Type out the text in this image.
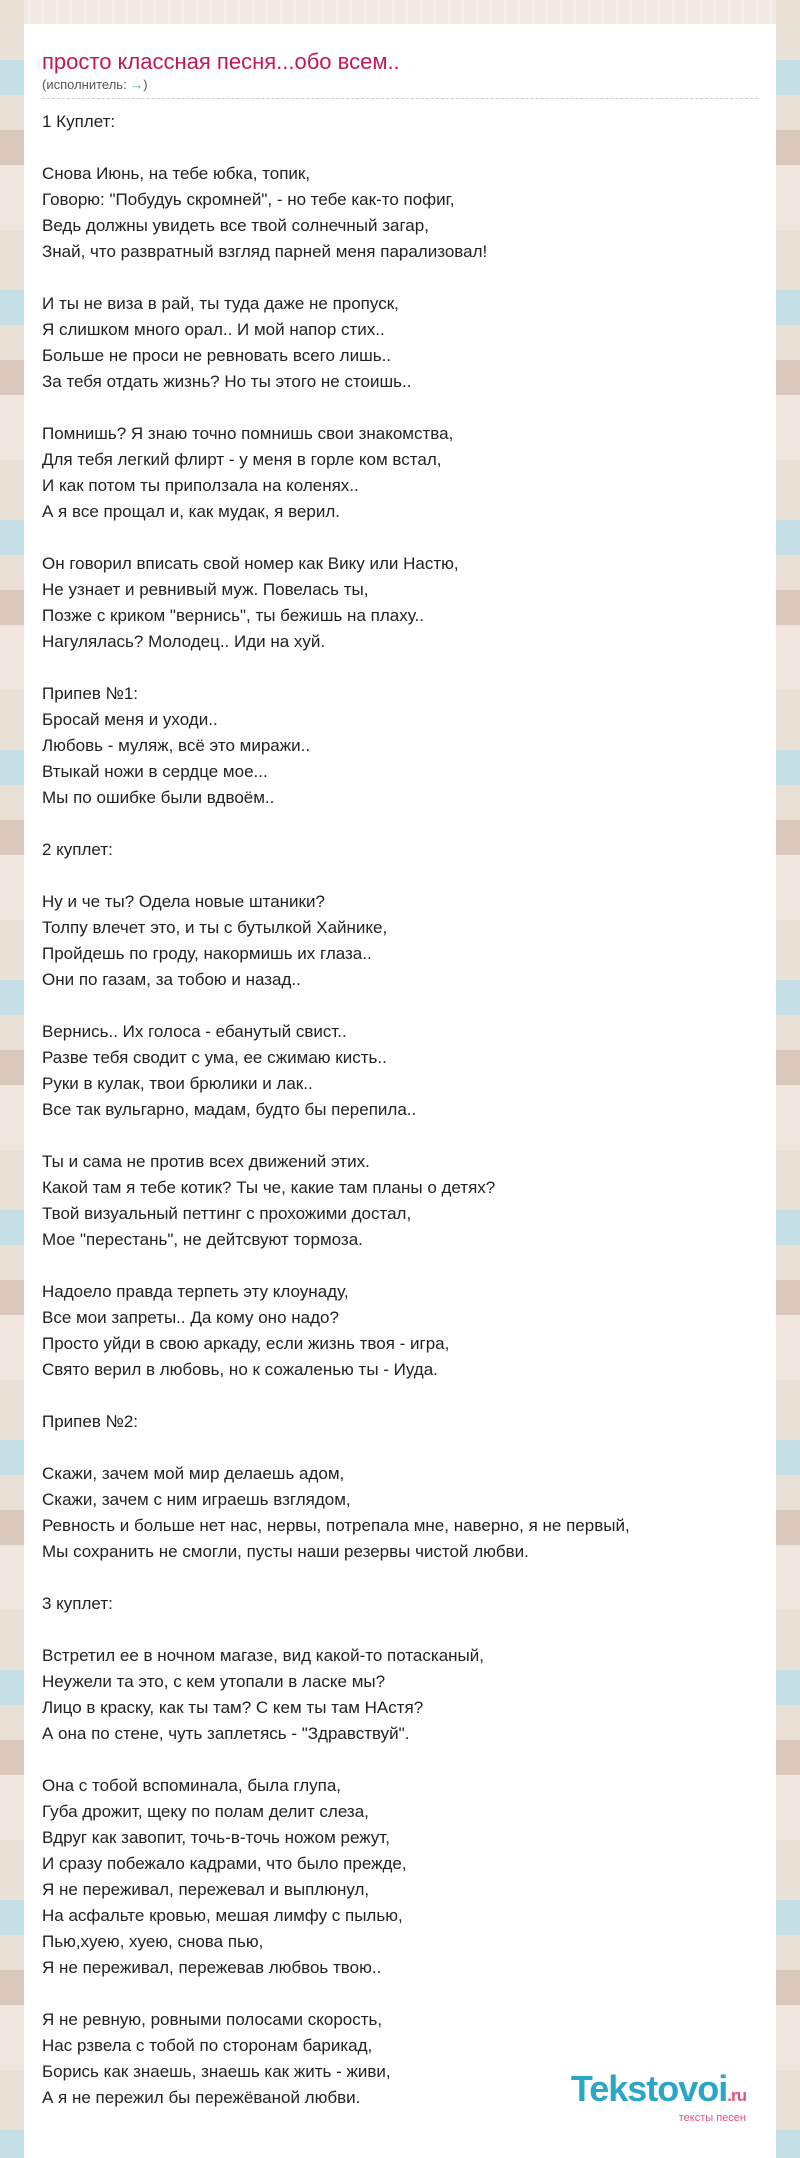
просто классная песня...обо всем..
(исполнитель: →)
1 Куплет:
Снова Июнь, на тебе юбка, топик,
Говорю: "Побудуь скромней", - но тебе как-то пофиг,
Ведь должны увидеть все твой солнечный загар,
Знай, что развратный взгляд парней меня парализовал!
И ты не виза в рай, ты туда даже не пропуск,
Я слишком много орал.. И мой напор стих..
Больше не проси не ревновать всего лишь..
За тебя отдать жизнь? Но ты этого не стоишь..
Помнишь? Я знаю точно помнишь свои знакомства,
Для тебя легкий флирт - у меня в горле ком встал,
И как потом ты приползала на коленях..
А я все прощал и, как мудак, я верил.
Он говорил вписать свой номер как Вику или Настю,
Не узнает и ревнивый муж. Повелась ты,
Позже с криком "вернись", ты бежишь на плаху..
Нагулялась? Молодец.. Иди на хуй.
Припев №1:
Бросай меня и уходи..
Любовь - муляж, всё это миражи..
Втыкай ножи в сердце мое...
Мы по ошибке были вдвоём..
2 куплет:
Ну и че ты? Одела новые штаники?
Толпу влечет это, и ты с бутылкой Хайнике,
Пройдешь по гроду, накормишь их глаза..
Они по газам, за тобою и назад..
Вернись.. Их голоса - ебанутый свист..
Разве тебя сводит с ума, ее сжимаю кисть..
Руки в кулак, твои брюлики и лак..
Все так вульгарно, мадам, будто бы перепила..
Ты и сама не против всех движений этих.
Какой там я тебе котик? Ты че, какие там планы о детях?
Твой визуальный петтинг с прохожими достал,
Мое "перестань", не дейтсвуют тормоза.
Надоело правда терпеть эту клоунаду,
Все мои запреты.. Да кому оно надо?
Просто уйди в свою аркаду, если жизнь твоя - игра,
Свято верил в любовь, но к сожаленью ты - Иуда.
Припев №2:
Скажи, зачем мой мир делаешь адом,
Скажи, зачем с ним играешь взглядом,
Ревность и больше нет нас, нервы, потрепала мне, наверно, я не первый,
Мы сохранить не смогли, пусты наши резервы чистой любви.
3 куплет:
Встретил ее в ночном магазе, вид какой-то потасканый,
Неужели та это, с кем утопали в ласке мы?
Лицо в краску, как ты там? С кем ты там НАстя?
А она по стене, чуть заплетясь - "Здравствуй".
Она с тобой вспоминала, была глупа,
Губа дрожит, щеку по полам делит слеза,
Вдруг как завопит, точь-в-точь ножом режут,
И сразу побежало кадрами, что было прежде,
Я не переживал, пережевал и выплюнул,
На асфальте кровью, мешая лимфу с пылью,
Пью,хуею, хуею, снова пью,
Я не переживал, пережевав любвоь твою..
Я не ревную, ровными полосами скорость,
Нас рзвела с тобой по сторонам барикад,
Борись как знаешь, знаешь как жить - живи,
А я не пережил бы пережёваной любви.	Tekstovoi.ru
тексты песен
